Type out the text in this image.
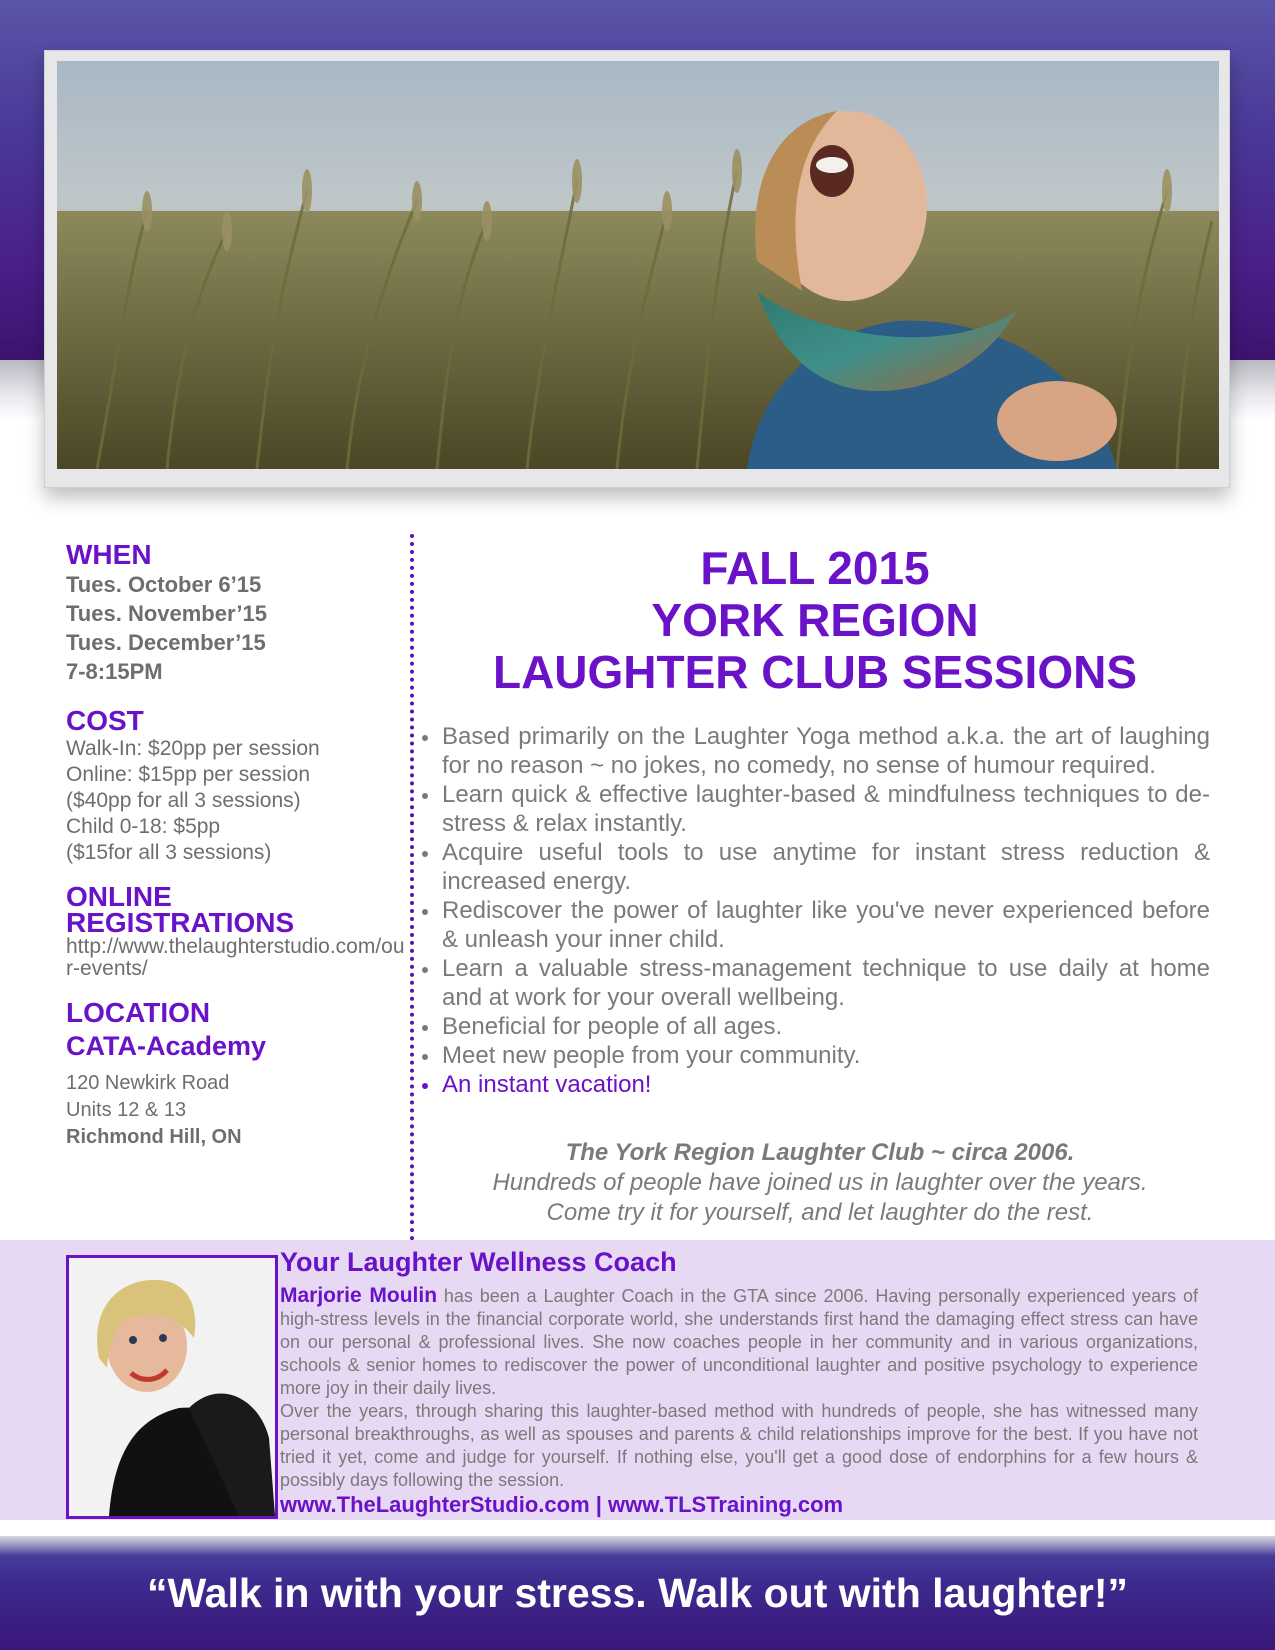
WHEN
Tues. October 6’15
Tues. November’15
Tues. December’15
7-8:15PM
COST
Walk-In: $20pp per session
Online: $15pp per session
($40pp for all 3 sessions)
Child 0-18: $5pp
($15for all 3 sessions)
ONLINE
REGISTRATIONS
http://www.thelaughterstudio.com/our-events/
LOCATION
CATA-Academy
120 Newkirk Road
Units 12 & 13
Richmond Hill, ON
FALL 2015
YORK REGION
LAUGHTER CLUB SESSIONS
Based primarily on the Laughter Yoga method a.k.a. the art of laughing for no reason ~ no jokes, no comedy, no sense of humour required.
Learn quick & effective laughter-based & mindfulness techniques to de-stress & relax instantly.
Acquire useful tools to use anytime for instant stress reduction & increased energy.
Rediscover the power of laughter like you've never experienced before & unleash your inner child.
Learn a valuable stress-management technique to use daily at home and at work for your overall wellbeing.
Beneficial for people of all ages.
Meet new people from your community.
An instant vacation!
The York Region Laughter Club ~ circa 2006.
Hundreds of people have joined us in laughter over the years.
Come try it for yourself, and let laughter do the rest.
Your Laughter Wellness Coach
Marjorie Moulin has been a Laughter Coach in the GTA since 2006. Having personally experienced years of high-stress levels in the financial corporate world, she understands first hand the damaging effect stress can have on our personal & professional lives. She now coaches people in her community and in various organizations, schools & senior homes to rediscover the power of unconditional laughter and positive psychology to experience more joy in their daily lives.
Over the years, through sharing this laughter-based method with hundreds of people, she has witnessed many personal breakthroughs, as well as spouses and parents & child relationships improve for the best. If you have not tried it yet, come and judge for yourself. If nothing else, you'll get a good dose of endorphins for a few hours & possibly days following the session.
www.TheLaughterStudio.com | www.TLSTraining.com
“Walk in with your stress. Walk out with laughter!”
